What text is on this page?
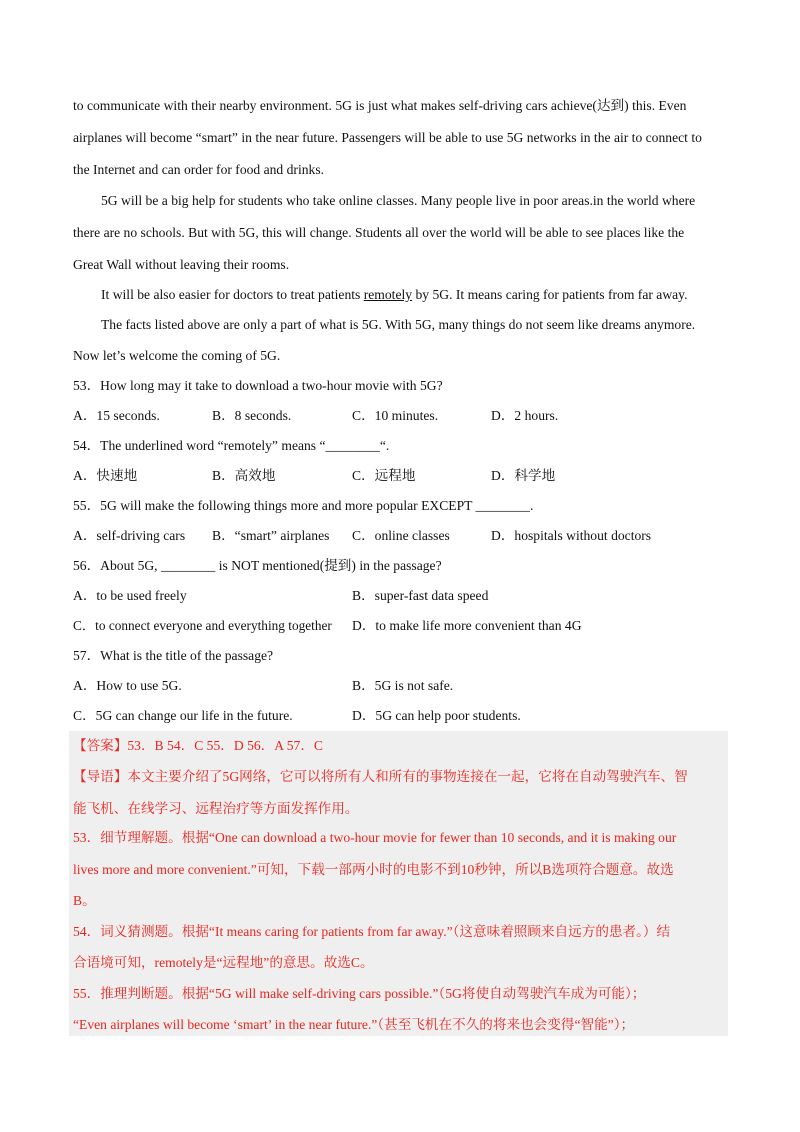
to communicate with their nearby environment. 5G is just what makes self-driving cars achieve(达到) this. Even
airplanes will become “smart” in the near future. Passengers will be able to use 5G networks in the air to connect to
the Internet and can order for food and drinks.
5G will be a big help for students who take online classes. Many people live in poor areas.in the world where
there are no schools. But with 5G, this will change. Students all over the world will be able to see places like the
Great Wall without leaving their rooms.
It will be also easier for doctors to treat patients remotely by 5G. It means caring for patients from far away.
The facts listed above are only a part of what is 5G. With 5G, many things do not seem like dreams anymore.
Now let’s welcome the coming of 5G.
53．How long may it take to download a two-hour movie with 5G?
A．15 seconds.	B．8 seconds.	C．10 minutes.	D．2 hours.
54．The underlined word “remotely” means “________“.
A．快速地	B．高效地	C．远程地	D．科学地
55．5G will make the following things more and more popular EXCEPT ________.
A．self-driving cars B．“smart” airplanes C．online classes	D．hospitals without doctors
56．About 5G, ________ is NOT mentioned(提到) in the passage?
A．to be used freely	B．super-fast data speed
C．to connect everyone and everything together D．to make life more convenient than 4G
57．What is the title of the passage?
A．How to use 5G.	B．5G is not safe.
C．5G can change our life in the future.	D．5G can help poor students.
【答案】53．B 54．C 55．D 56．A 57．C
【导语】本文主要介绍了5G网络，它可以将所有人和所有的事物连接在一起，它将在自动驾驶汽车、智
能飞机、在线学习、远程治疗等方面发挥作用。
53．细节理解题。根据“One can download a two-hour movie for fewer than 10 seconds, and it is making our
lives more and more convenient.”可知，下载一部两小时的电影不到10秒钟，所以B选项符合题意。故选
B。
54．词义猜测题。根据“It means caring for patients from far away.”（这意味着照顾来自远方的患者。）结
合语境可知，remotely是“远程地”的意思。故选C。
55．推理判断题。根据“5G will make self-driving cars possible.”（5G将使自动驾驶汽车成为可能）；
“Even airplanes will become ‘smart’ in the near future.”（甚至飞机在不久的将来也会变得“智能”）；
